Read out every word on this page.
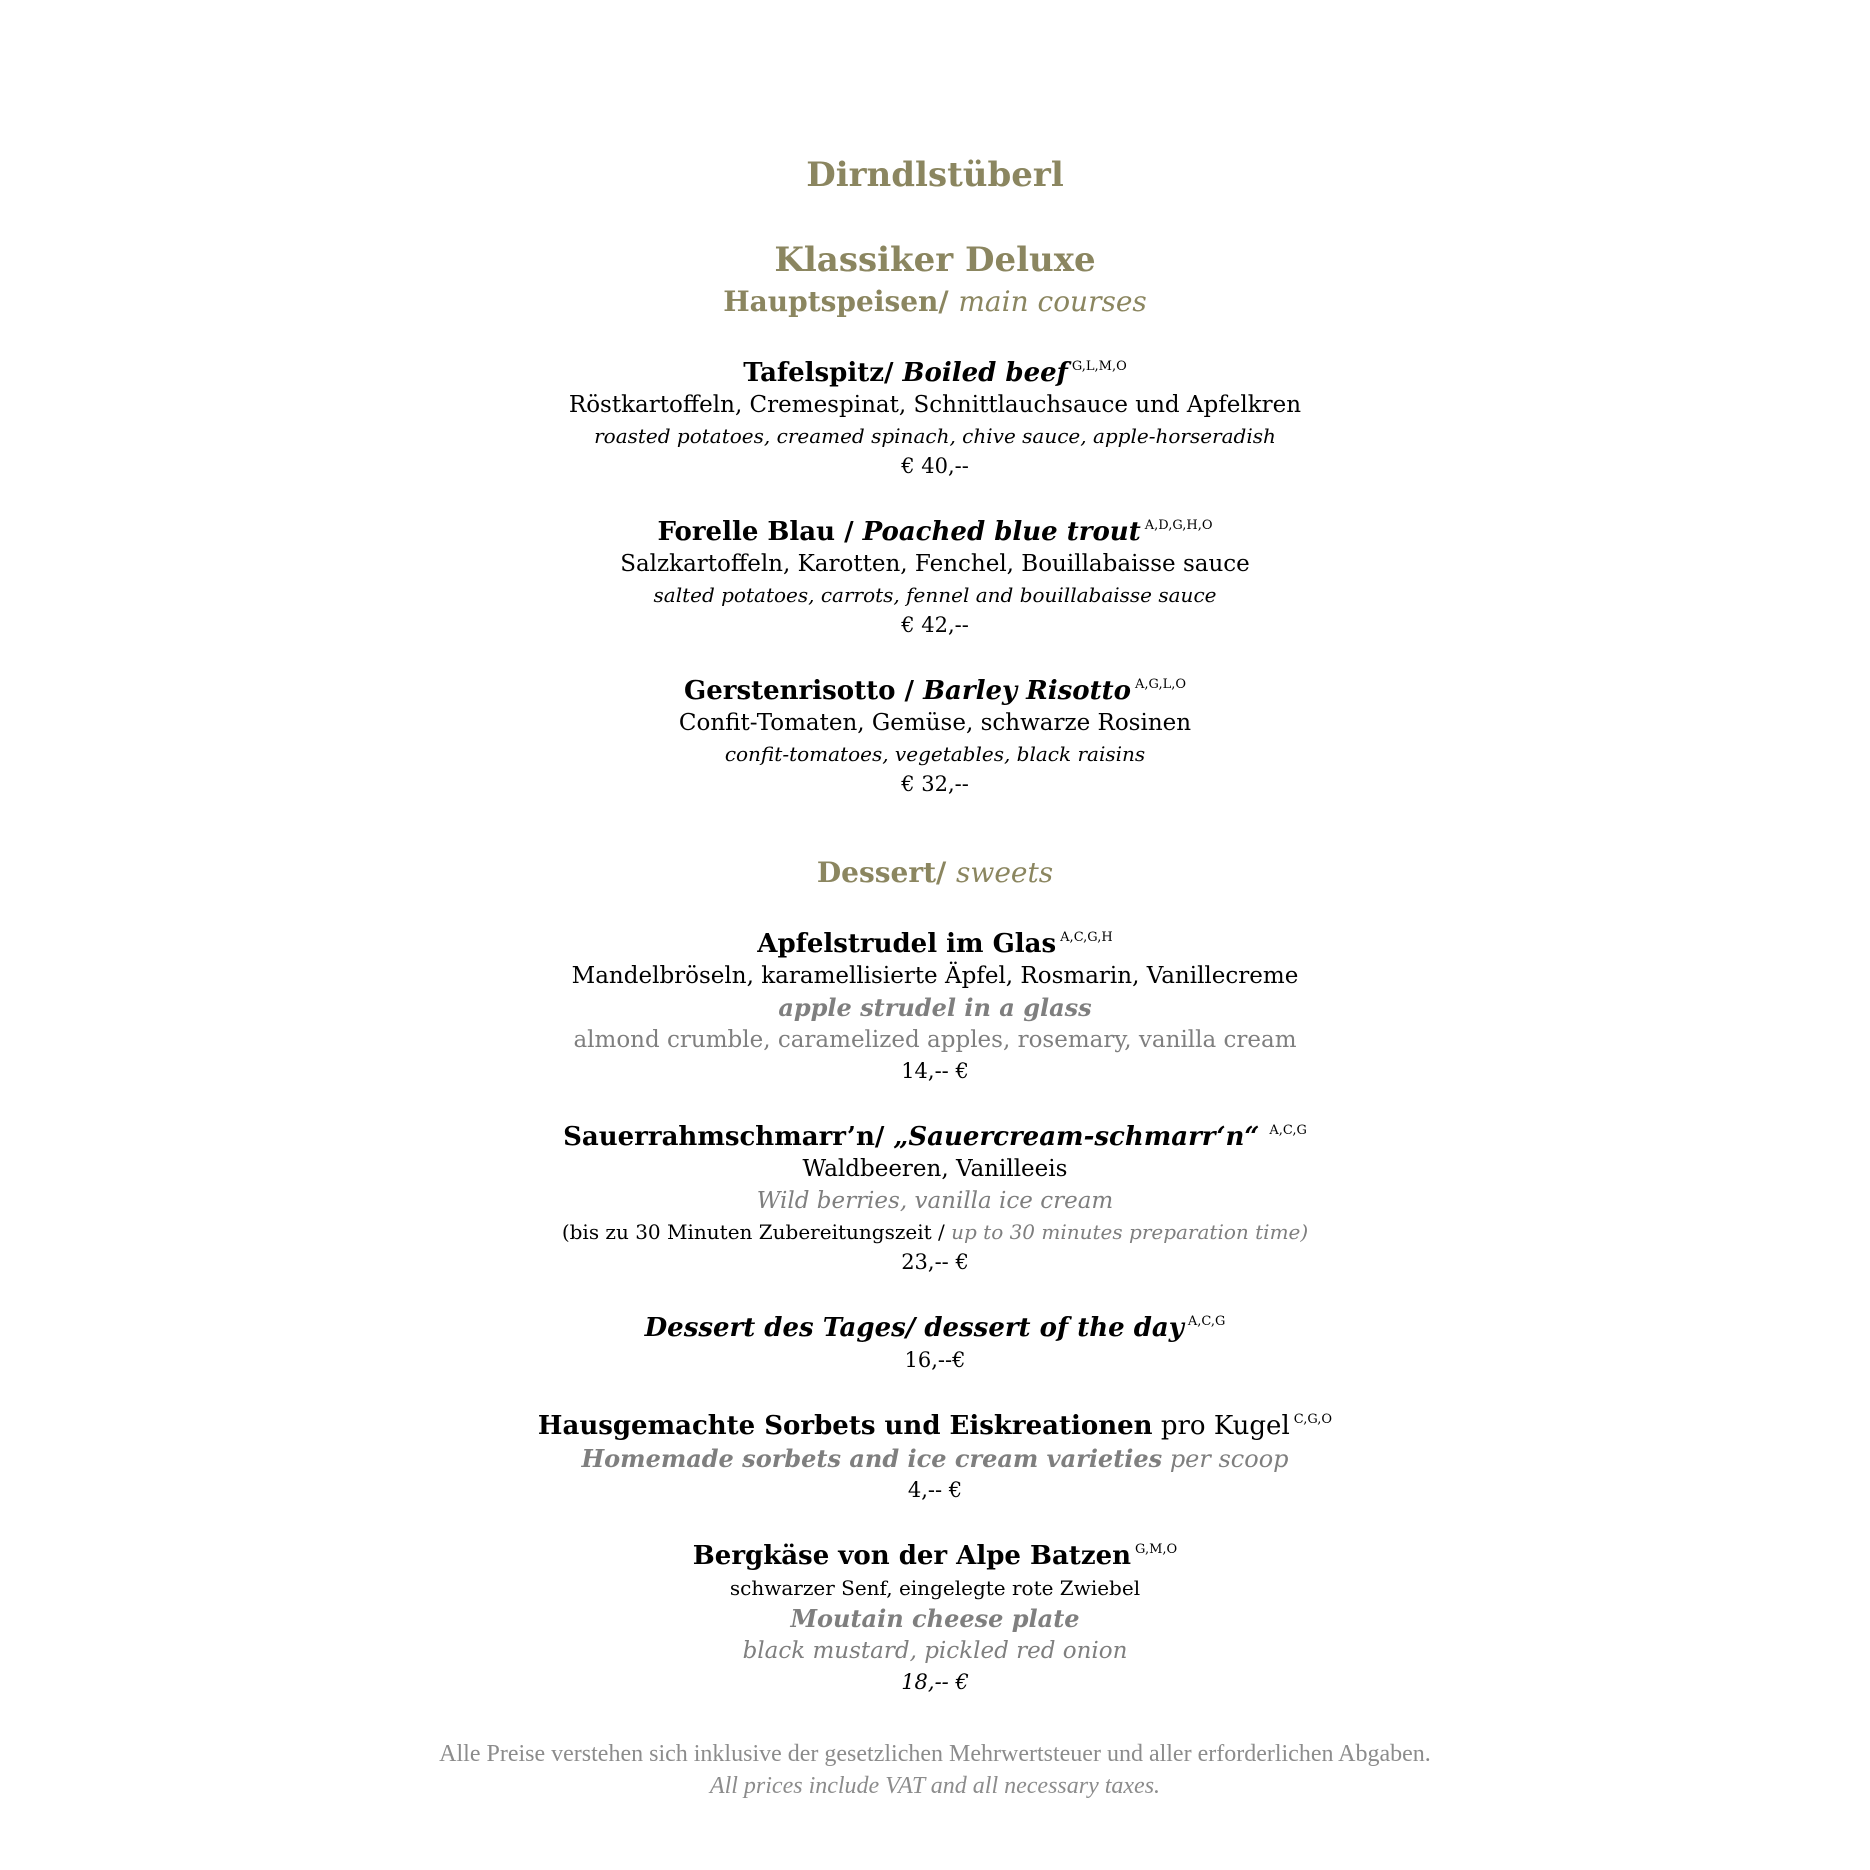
Dirndlstüberl
Klassiker Deluxe
Hauptspeisen/ main courses
Tafelspitz/ Boiled beef $^{G,L,M,O}$
Röstkartoffeln, Cremespinat, Schnittlauchsauce und Apfelkren
roasted potatoes, creamed spinach, chive sauce, apple-horseradish
€ 40,--
Forelle Blau / Poached blue trout $^{A,D,G,H,O}$
Salzkartoffeln, Karotten, Fenchel, Bouillabaisse sauce
salted potatoes, carrots, fennel and bouillabaisse sauce
€ 42,--
Gerstenrisotto / Barley Risotto $^{A,G,L,O}$
Confit-Tomaten, Gemüse, schwarze Rosinen
confit-tomatoes, vegetables, black raisins
€ 32,--
Dessert/ sweets
Apfelstrudel im Glas $^{A,C,G,H}$
Mandelbröseln, karamellisierte Äpfel, Rosmarin, Vanillecreme
apple strudel in a glass
almond crumble, caramelized apples, rosemary, vanilla cream
14,-- €
Sauerrahmschmarr’n/ „Sauercream-schmarr‘n“ $^{A,C,G}$
Waldbeeren, Vanilleeis
Wild berries, vanilla ice cream
(bis zu 30 Minuten Zubereitungszeit / up to 30 minutes preparation time)
23,-- €
Dessert des Tages/ dessert of the day $^{A,C,G}$
16,--€
Hausgemachte Sorbets und Eiskreationen pro Kugel $^{C,G,O}$
Homemade sorbets and ice cream varieties per scoop
4,-- €
Bergkäse von der Alpe Batzen $^{G,M,O}$
schwarzer Senf, eingelegte rote Zwiebel
Moutain cheese plate
black mustard, pickled red onion
18,-- €
Alle Preise verstehen sich inklusive der gesetzlichen Mehrwertsteuer und aller erforderlichen Abgaben.
All prices include VAT and all necessary taxes.
